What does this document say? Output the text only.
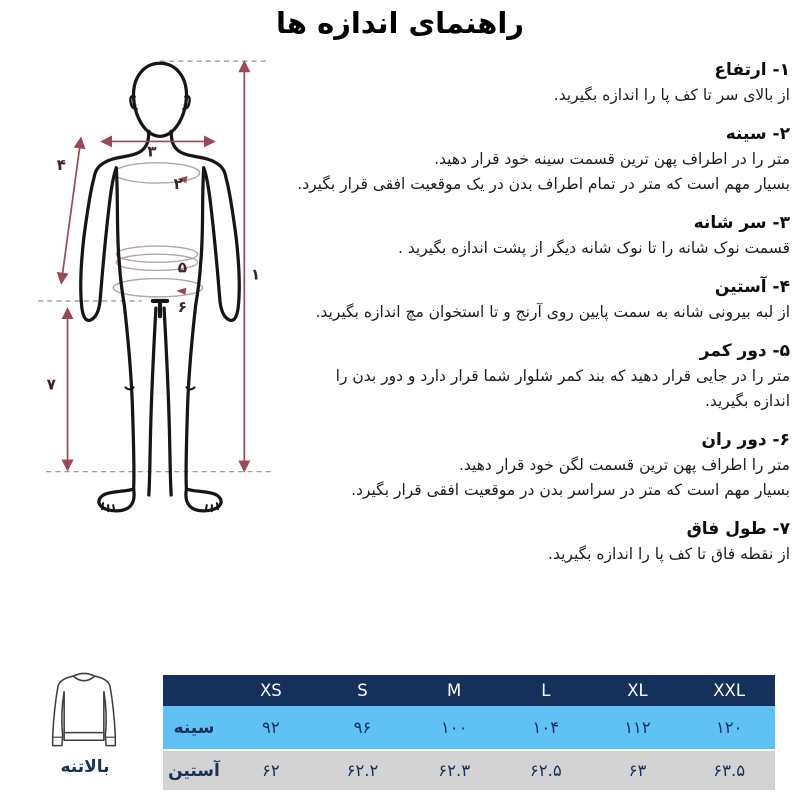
راهنمای اندازه ها
۱
۲
۳
۴
۵
۶
۷
۱- ارتفاع
از بالای سر تا کف پا را اندازه بگیرید.
۲- سینه
متر را در اطراف پهن ترین قسمت سینه خود قرار دهید.
بسیار مهم است که متر در تمام اطراف بدن در یک موقعیت افقی قرار بگیرد.
۳- سر شانه
قسمت نوک شانه را تا نوک شانه دیگر از پشت اندازه بگیرید .
۴- آستین
از لبه بیرونی شانه به سمت پایین روی آرنج و تا استخوان مچ اندازه بگیرید.
۵- دور کمر
متر را در جایی قرار دهید که بند کمر شلوار شما قرار دارد و دور بدن را
اندازه بگیرید.
۶- دور ران
متر را اطراف پهن ترین قسمت لگن خود قرار دهید.
بسیار مهم است که متر در سراسر بدن در موقعیت افقی قرار بگیرد.
۷- طول فاق
از نقطه فاق تا کف پا را اندازه بگیرید.
بالاتنه
XS	S	M	L	XL	XXL
سینه	۹۲	۹۶	۱۰۰	۱۰۴	۱۱۲	۱۲۰
آستین	۶۲	۶۲.۲	۶۲.۳	۶۲.۵	۶۳	۶۳.۵
